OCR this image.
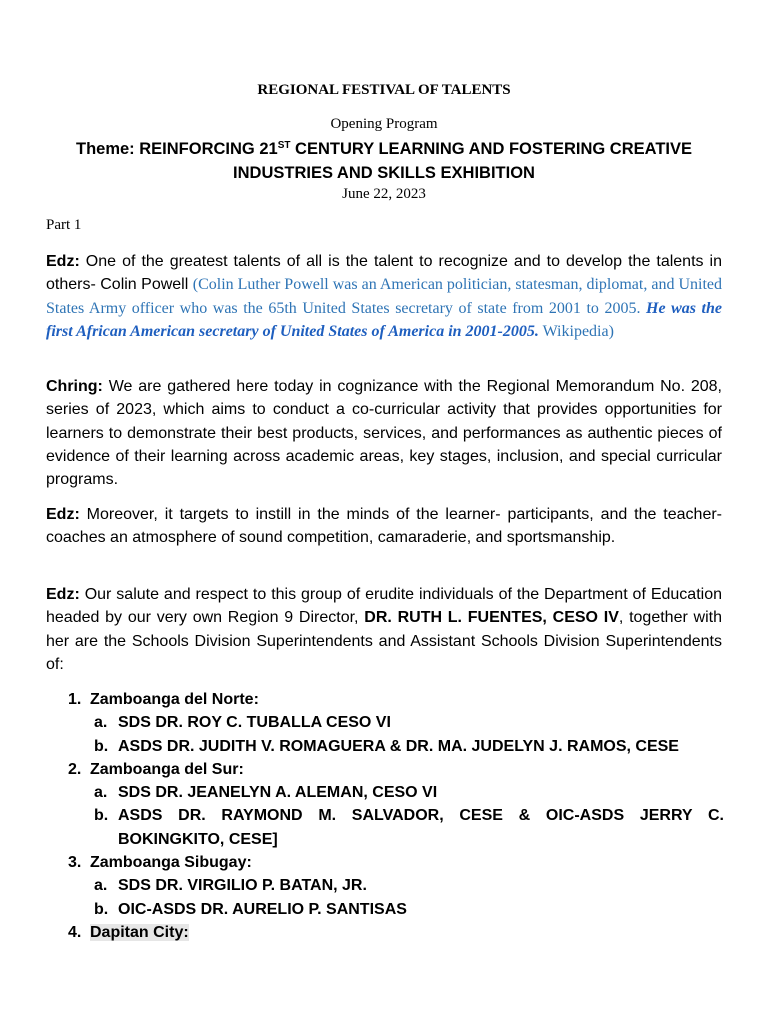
REGIONAL FESTIVAL OF TALENTS
Opening Program
Theme: REINFORCING 21ST CENTURY LEARNING AND FOSTERING CREATIVE
INDUSTRIES AND SKILLS EXHIBITION
June 22, 2023
Part 1
Edz: One of the greatest talents of all is the talent to recognize and to develop the talents in others- Colin Powell (Colin Luther Powell was an American politician, statesman, diplomat, and United States Army officer who was the 65th United States secretary of state from 2001 to 2005. He was the first African American secretary of United States of America in 2001-2005. Wikipedia)
Chring: We are gathered here today in cognizance with the Regional Memorandum No. 208, series of 2023, which aims to conduct a co-curricular activity that provides opportunities for learners to demonstrate their best products, services, and performances as authentic pieces of evidence of their learning across academic areas, key stages, inclusion, and special curricular programs.
Edz: Moreover, it targets to instill in the minds of the learner- participants, and the teacher- coaches an atmosphere of sound competition, camaraderie, and sportsmanship.
Edz: Our salute and respect to this group of erudite individuals of the Department of Education headed by our very own Region 9 Director, DR. RUTH L. FUENTES, CESO IV, together with her are the Schools Division Superintendents and Assistant Schools Division Superintendents of:
1. Zamboanga del Norte:
a. SDS DR. ROY C. TUBALLA CESO VI
b. ASDS DR. JUDITH V. ROMAGUERA & DR. MA. JUDELYN J. RAMOS, CESE
2. Zamboanga del Sur:
a. SDS DR. JEANELYN A. ALEMAN, CESO VI
b. ASDS DR. RAYMOND M. SALVADOR, CESE & OIC-ASDS JERRY C. BOKINGKITO, CESE]
3. Zamboanga Sibugay:
a. SDS DR. VIRGILIO P. BATAN, JR.
b. OIC-ASDS DR. AURELIO P. SANTISAS
4. Dapitan City:
